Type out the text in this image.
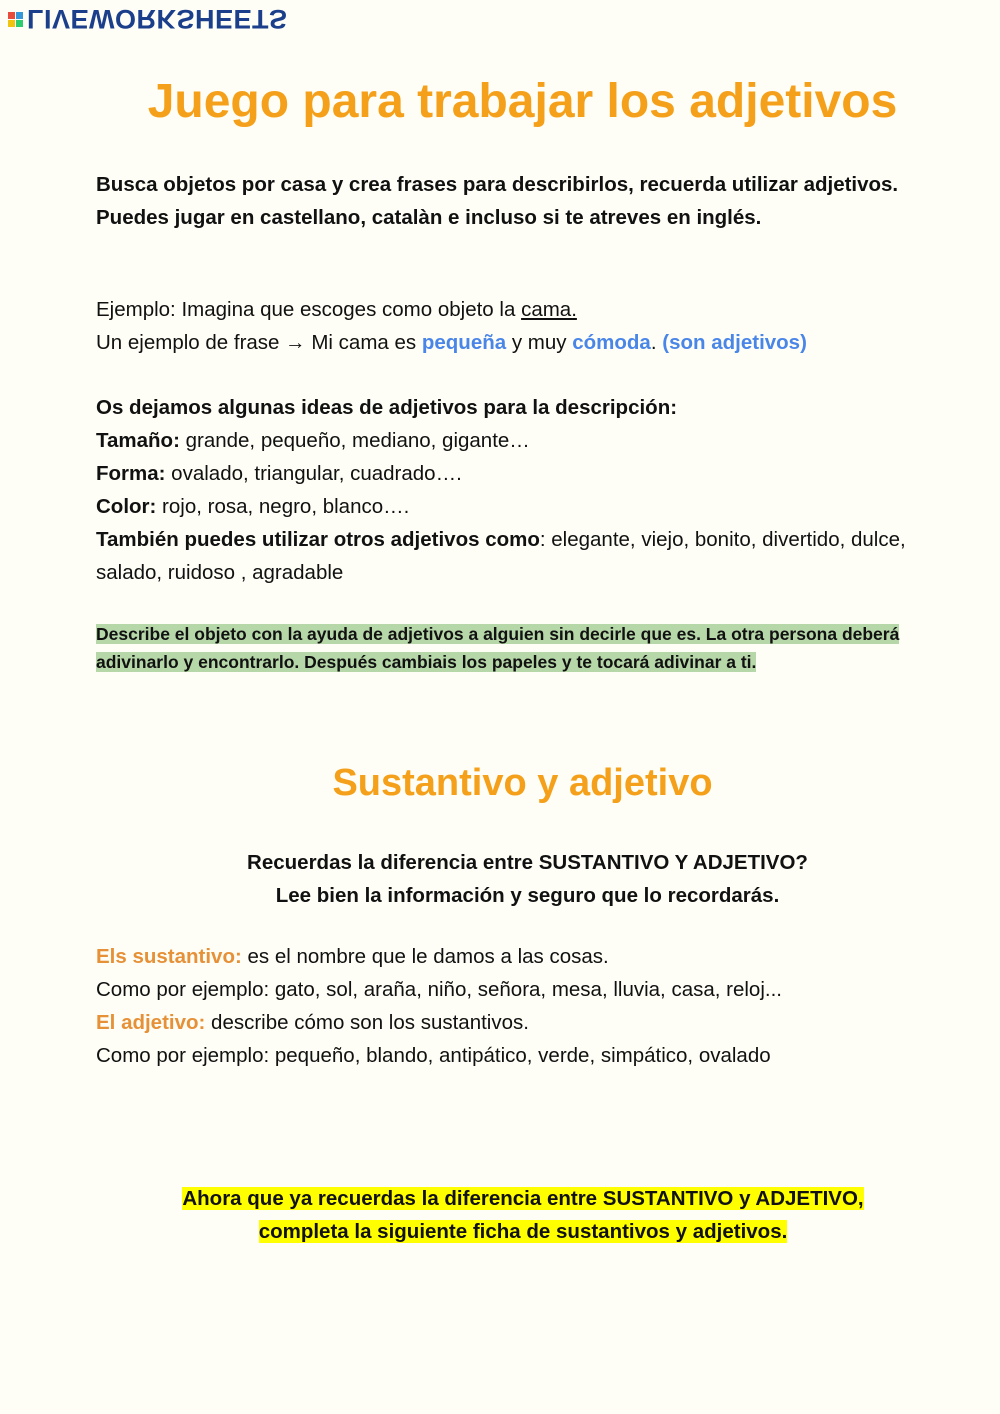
LIVEWORKSHEETS
Juego para trabajar los adjetivos

Busca objetos por casa y crea frases para describirlos, recuerda utilizar adjetivos. Puedes jugar en castellano, catalàn e incluso si te atreves en inglés.

Ejemplo: Imagina que escoges como objeto la cama.
Un ejemplo de frase → Mi cama es pequeña y muy cómoda. (son adjetivos)

Os dejamos algunas ideas de adjetivos para la descripción:
Tamaño: grande, pequeño, mediano, gigante…
Forma: ovalado, triangular, cuadrado….
Color: rojo, rosa, negro, blanco….
También puedes utilizar otros adjetivos como: elegante, viejo, bonito, divertido, dulce, salado, ruidoso , agradable

Describe el objeto con la ayuda de adjetivos a alguien sin decirle que es. La otra persona deberá adivinarlo y encontrarlo. Después cambiais los papeles y te tocará adivinar a ti.

Sustantivo y adjetivo

Recuerdas la diferencia entre SUSTANTIVO Y ADJETIVO?
Lee bien la información y seguro que lo recordarás.

Els sustantivo: es el nombre que le damos a las cosas.
Como por ejemplo: gato, sol, araña, niño, señora, mesa, lluvia, casa, reloj...
El adjetivo: describe cómo son los sustantivos.
Como por ejemplo: pequeño, blando, antipático, verde, simpático, ovalado

Ahora que ya recuerdas la diferencia entre SUSTANTIVO y ADJETIVO,
completa la siguiente ficha de sustantivos y adjetivos.
